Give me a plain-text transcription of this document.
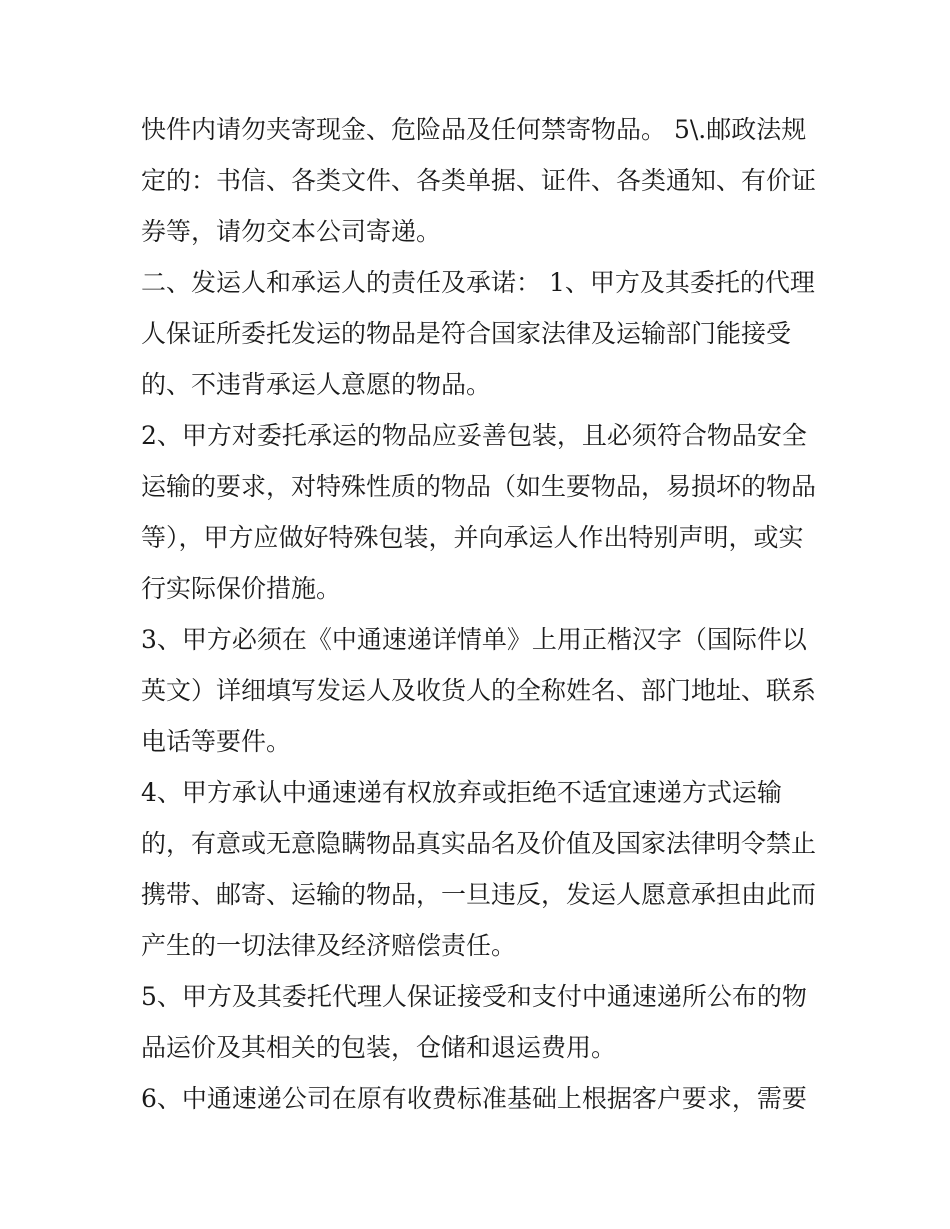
快件内请勿夹寄现金、危险品及任何禁寄物品。 5\.邮政法规
定的：书信、各类文件、各类单据、证件、各类通知、有价证
券等，请勿交本公司寄递。
二、发运人和承运人的责任及承诺： 1、甲方及其委托的代理
人保证所委托发运的物品是符合国家法律及运输部门能接受
的、不违背承运人意愿的物品。
2、甲方对委托承运的物品应妥善包装，且必须符合物品安全
运输的要求，对特殊性质的物品（如生要物品，易损坏的物品
等），甲方应做好特殊包装，并向承运人作出特别声明，或实
行实际保价措施。
3、甲方必须在《中通速递详情单》上用正楷汉字（国际件以
英文）详细填写发运人及收货人的全称姓名、部门地址、联系
电话等要件。
4、甲方承认中通速递有权放弃或拒绝不适宜速递方式运输
的，有意或无意隐瞒物品真实品名及价值及国家法律明令禁止
携带、邮寄、运输的物品，一旦违反，发运人愿意承担由此而
产生的一切法律及经济赔偿责任。
5、甲方及其委托代理人保证接受和支付中通速递所公布的物
品运价及其相关的包装，仓储和退运费用。
6、中通速递公司在原有收费标准基础上根据客户要求，需要
